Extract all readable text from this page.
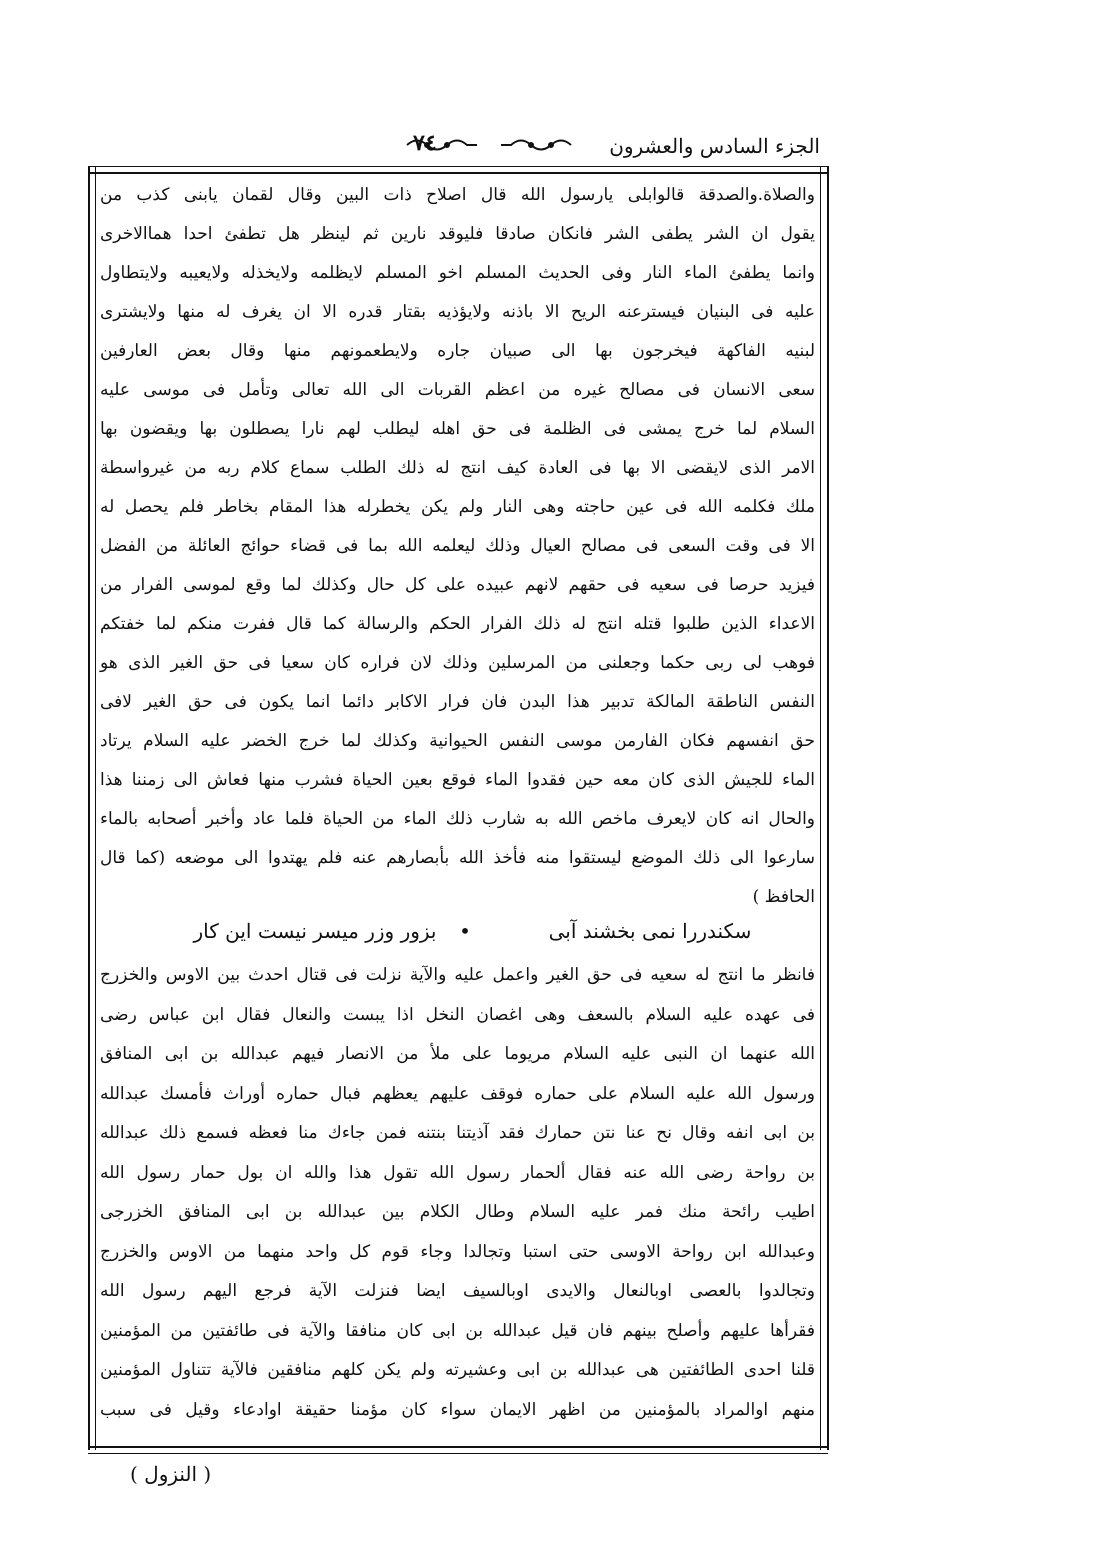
الجزء السادس والعشرون
٧٤

والصلاة.والصدقة قالوابلى يارسول الله قال اصلاح ذات البين وقال لقمان يابنى كذب من

يقول ان الشر يطفى الشر فانكان صادقا فليوقد نارين ثم لينظر هل تطفئ احدا هماالاخرى

وانما يطفئ الماء النار وفى الحديث المسلم اخو المسلم لايظلمه ولايخذله ولايعيبه ولايتطاول

عليه فى البنيان فيسترعنه الريح الا باذنه ولايؤذيه بقتار قدره الا ان يغرف له منها ولايشترى

لبنيه الفاكهة فيخرجون بها الى صبيان جاره ولايطعمونهم منها وقال بعض العارفين

سعى الانسان فى مصالح غيره من اعظم القربات الى الله تعالى وتأمل فى موسى عليه

السلام لما خرج يمشى فى الظلمة فى حق اهله ليطلب لهم نارا يصطلون بها ويقضون بها

الامر الذى لايقضى الا بها فى العادة كيف انتج له ذلك الطلب سماع كلام ربه من غيرواسطة

ملك فكلمه الله فى عين حاجته وهى النار ولم يكن يخطرله هذا المقام بخاطر فلم يحصل له

الا فى وقت السعى فى مصالح العيال وذلك ليعلمه الله بما فى قضاء حوائج العائلة من الفضل

فيزيد حرصا فى سعيه فى حقهم لانهم عبيده على كل حال وكذلك لما وقع لموسى الفرار من

الاعداء الذين طلبوا قتله انتج له ذلك الفرار الحكم والرسالة كما قال ففرت منكم لما خفتكم

فوهب لى ربى حكما وجعلنى من المرسلين وذلك لان فراره كان سعيا فى حق الغير الذى هو

النفس الناطقة المالكة تدبير هذا البدن فان فرار الاكابر دائما انما يكون فى حق الغير لافى

حق انفسهم فكان الفارمن موسى النفس الحيوانية وكذلك لما خرج الخضر عليه السلام يرتاد

الماء للجيش الذى كان معه حين فقدوا الماء فوقع بعين الحياة فشرب منها فعاش الى زمننا هذا

والحال انه كان لايعرف ماخص الله به شارب ذلك الماء من الحياة فلما عاد وأخبر أصحابه بالماء

سارعوا الى ذلك الموضع ليستقوا منه فأخذ الله بأبصارهم عنه فلم يهتدوا الى موضعه (كما قال

الحافظ )

سكندررا نمى بخشند آبى
•
بزور وزر ميسر نيست اين كار

فانظر ما انتج له سعيه فى حق الغير واعمل عليه والآية نزلت فى قتال احدث بين الاوس والخزرج

فى عهده عليه السلام بالسعف وهى اغصان النخل اذا يبست والنعال فقال ابن عباس رضى

الله عنهما ان النبى عليه السلام مريوما على ملأ من الانصار فيهم عبدالله بن ابى المنافق

ورسول الله عليه السلام على حماره فوقف عليهم يعظهم فبال حماره أوراث فأمسك عبدالله

بن ابى انفه وقال نح عنا نتن حمارك فقد آذيتنا بنتنه فمن جاءك منا فعظه فسمع ذلك عبدالله

بن رواحة رضى الله عنه فقال ألحمار رسول الله تقول هذا والله ان بول حمار رسول الله

اطيب رائحة منك فمر عليه السلام وطال الكلام بين عبدالله بن ابى المنافق الخزرجى

وعبدالله ابن رواحة الاوسى حتى استبا وتجالدا وجاء قوم كل واحد منهما من الاوس والخزرج

وتجالدوا بالعصى اوبالنعال والايدى اوبالسيف ايضا فنزلت الآية فرجع اليهم رسول الله

فقرأها عليهم وأصلح بينهم فان قيل عبدالله بن ابى كان منافقا والآية فى طائفتين من المؤمنين

قلنا احدى الطائفتين هى عبدالله بن ابى وعشيرته ولم يكن كلهم منافقين فالآية تتناول المؤمنين

منهم اوالمراد بالمؤمنين من اظهر الايمان سواء كان مؤمنا حقيقة اوادعاء وقيل فى سبب

( النزول )
